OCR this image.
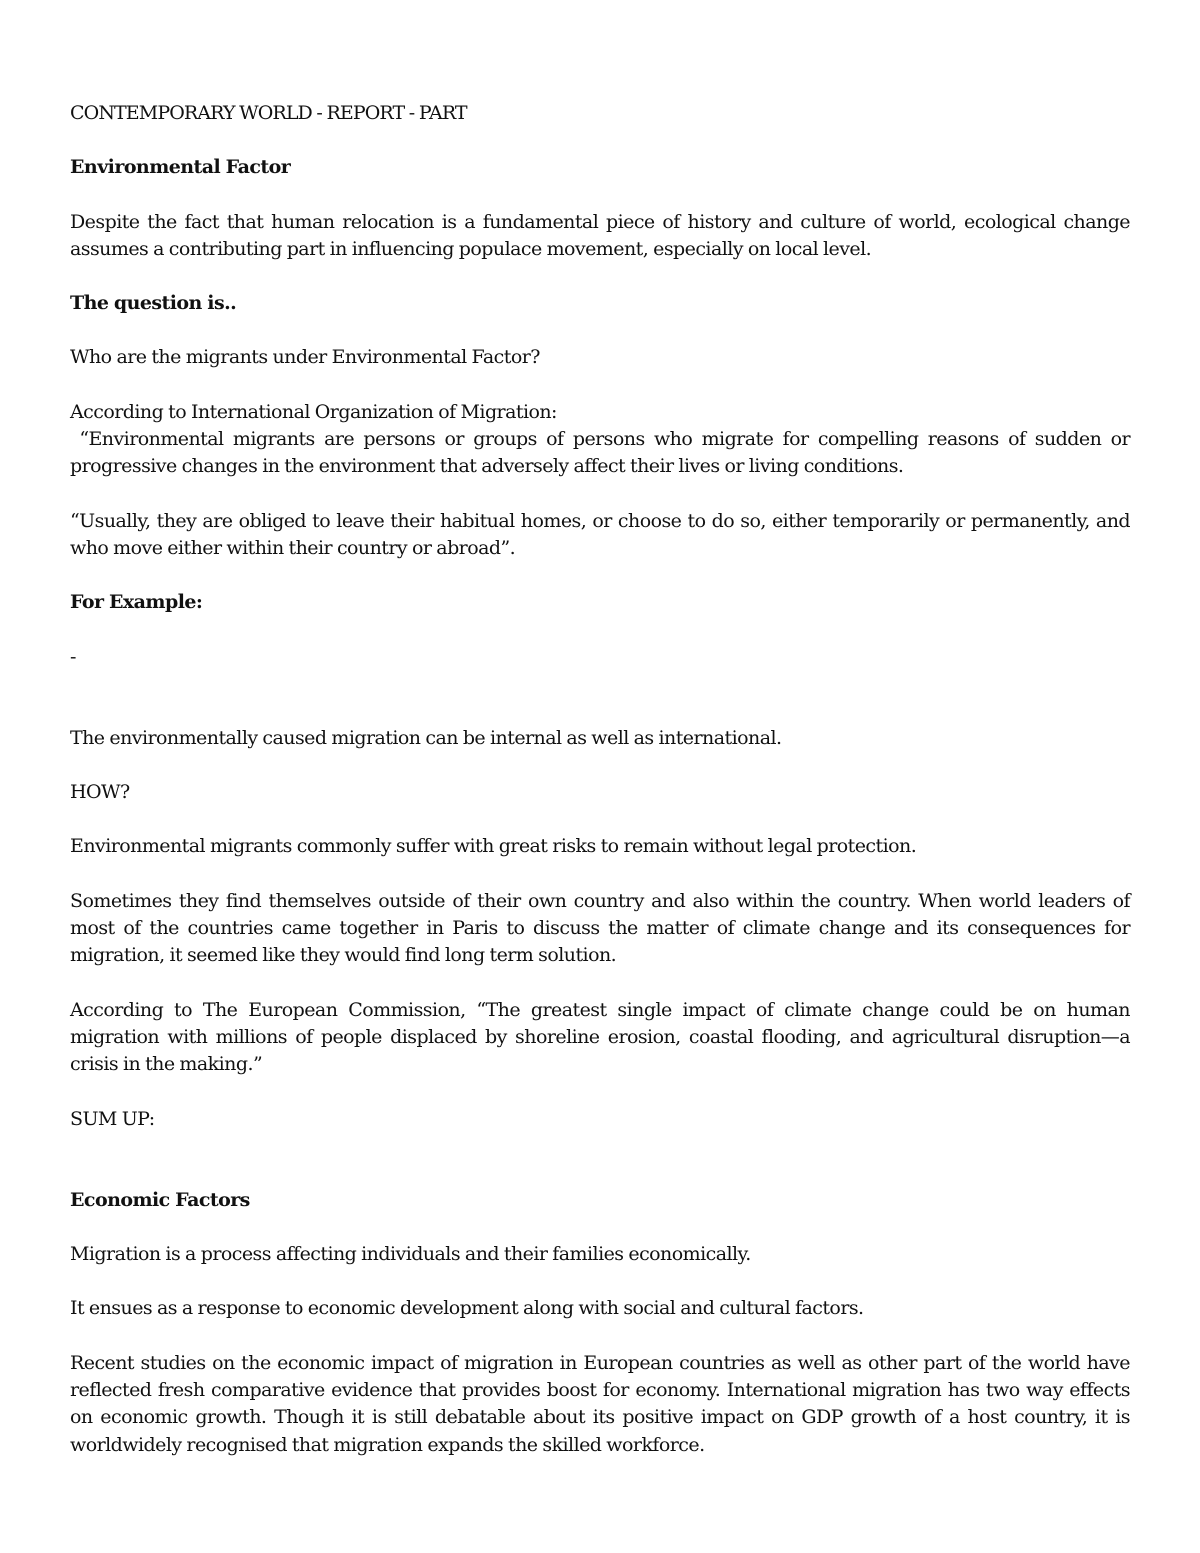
CONTEMPORARY WORLD - REPORT - PART

Environmental Factor

Despite the fact that human relocation is a fundamental piece of history and culture of world, ecological change assumes a contributing part in influencing populace movement, especially on local level.

The question is..

Who are the migrants under Environmental Factor?

According to International Organization of Migration:

“Environmental migrants are persons or groups of persons who migrate for compelling reasons of sudden or progressive changes in the environment that adversely affect their lives or living conditions.

“Usually, they are obliged to leave their habitual homes, or choose to do so, either temporarily or permanently, and who move either within their country or abroad”.

For Example:

-

The environmentally caused migration can be internal as well as international.

HOW?

Environmental migrants commonly suffer with great risks to remain without legal protection.

Sometimes they find themselves outside of their own country and also within the country. When world leaders of most of the countries came together in Paris to discuss the matter of climate change and its consequences for migration, it seemed like they would find long term solution.

According to The European Commission, “The greatest single impact of climate change could be on human migration with millions of people displaced by shoreline erosion, coastal flooding, and agricultural disruption—a crisis in the making.”

SUM UP:

Economic Factors

Migration is a process affecting individuals and their families economically.

It ensues as a response to economic development along with social and cultural factors.

Recent studies on the economic impact of migration in European countries as well as other part of the world have reflected fresh comparative evidence that provides boost for economy. International migration has two way effects on economic growth. Though it is still debatable about its positive impact on GDP growth of a host country, it is worldwidely recognised that migration expands the skilled workforce.
